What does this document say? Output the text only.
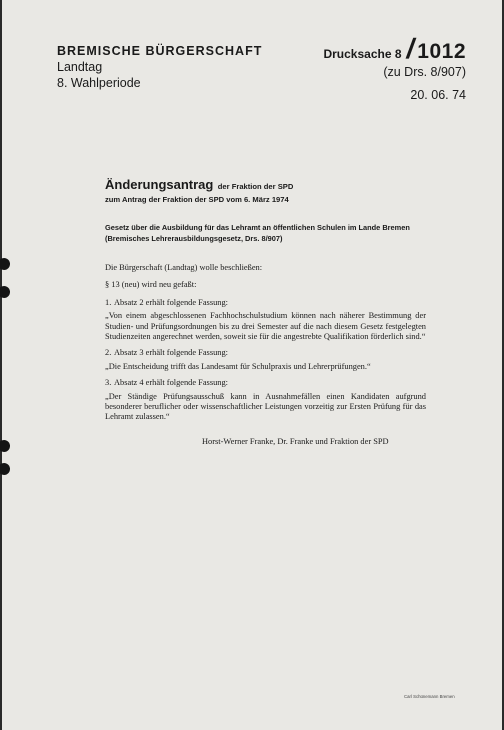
BREMISCHE BÜRGERSCHAFT
Landtag
8. Wahlperiode
Drucksache 8 / 1012
(zu Drs. 8/907)
20. 06. 74
Änderungsantrag der Fraktion der SPD
zum Antrag der Fraktion der SPD vom 6. März 1974
Gesetz über die Ausbildung für das Lehramt an öffentlichen Schulen im Lande Bremen (Bremisches Lehrerausbildungsgesetz, Drs. 8/907)

Die Bürgerschaft (Landtag) wolle beschließen:

§ 13 (neu) wird neu gefaßt:

1. Absatz 2 erhält folgende Fassung:

„Von einem abgeschlossenen Fachhochschulstudium können nach näherer Bestimmung der Studien- und Prüfungsordnungen bis zu drei Semester auf die nach diesem Gesetz festgelegten Studienzeiten angerechnet werden, soweit sie für die angestrebte Qualifikation förderlich sind.“

2. Absatz 3 erhält folgende Fassung:

„Die Entscheidung trifft das Landesamt für Schulpraxis und Lehrerprüfungen.“

3. Absatz 4 erhält folgende Fassung:

„Der Ständige Prüfungsausschuß kann in Ausnahmefällen einen Kandidaten aufgrund besonderer beruflicher oder wissenschaftlicher Leistungen vorzeitig zur Ersten Prüfung für das Lehramt zulassen.“

Horst-Werner Franke, Dr. Franke und Fraktion der SPD
Carl Schünemann Bremen
